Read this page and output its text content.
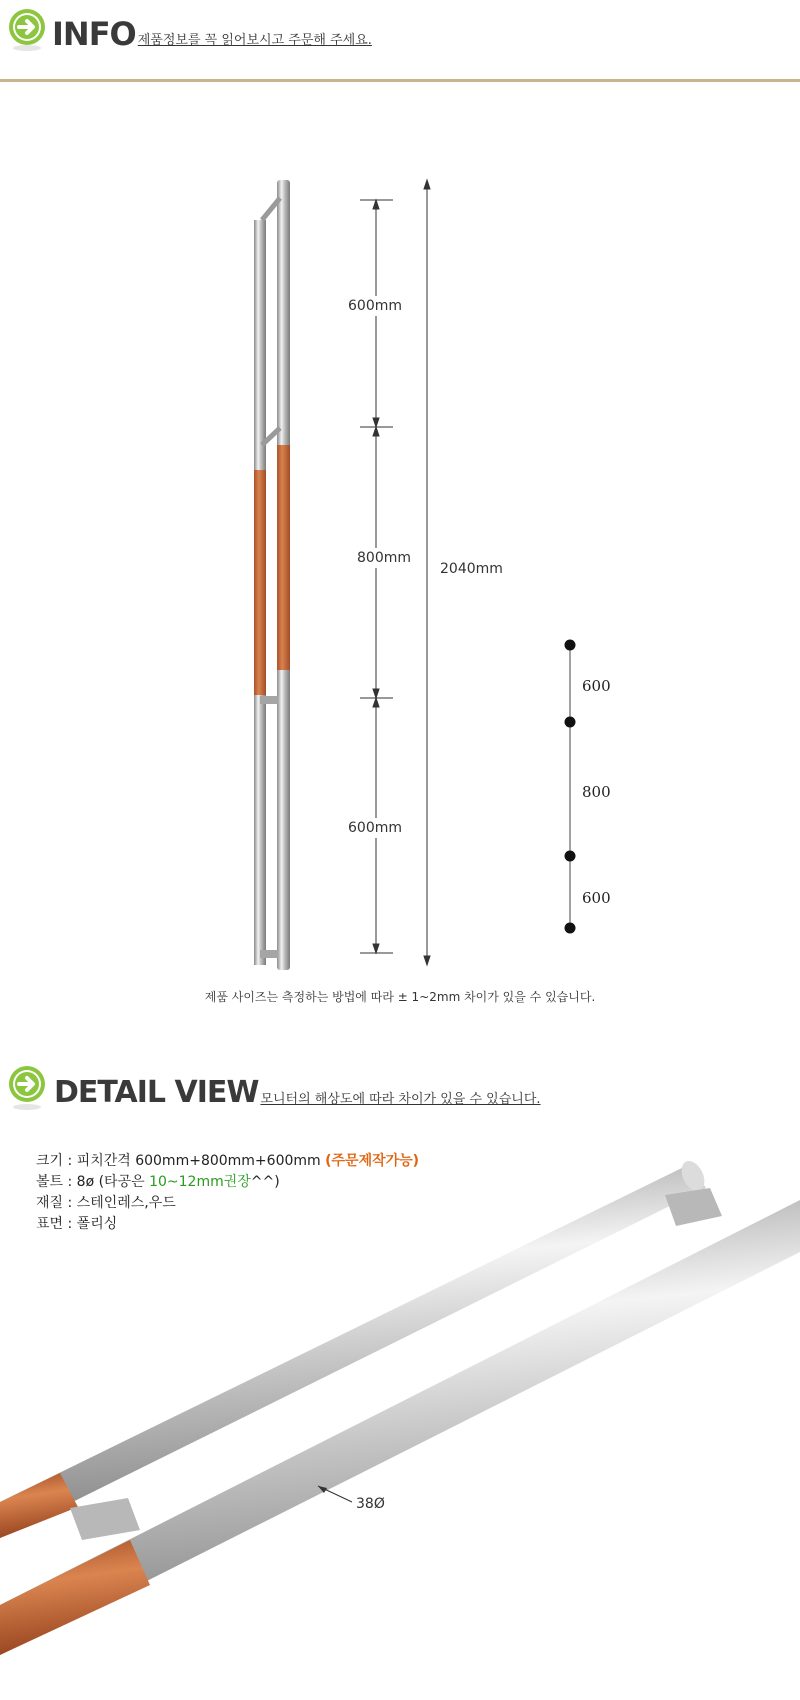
INFO 제품정보를 꼭 읽어보시고 주문해 주세요.
600mm
800mm
600mm
2040mm
600
800
600
제품 사이즈는 측정하는 방법에 따라 ± 1~2mm 차이가 있을 수 있습니다.
DETAIL VIEW 모니터의 해상도에 따라 차이가 있을 수 있습니다.
38Ø
크기 : 피치간격 600mm+800mm+600mm (주문제작가능)
볼트 : 8ø (타공은 10~12mm권장^^)
재질 : 스테인레스,우드
표면 : 폴리싱
